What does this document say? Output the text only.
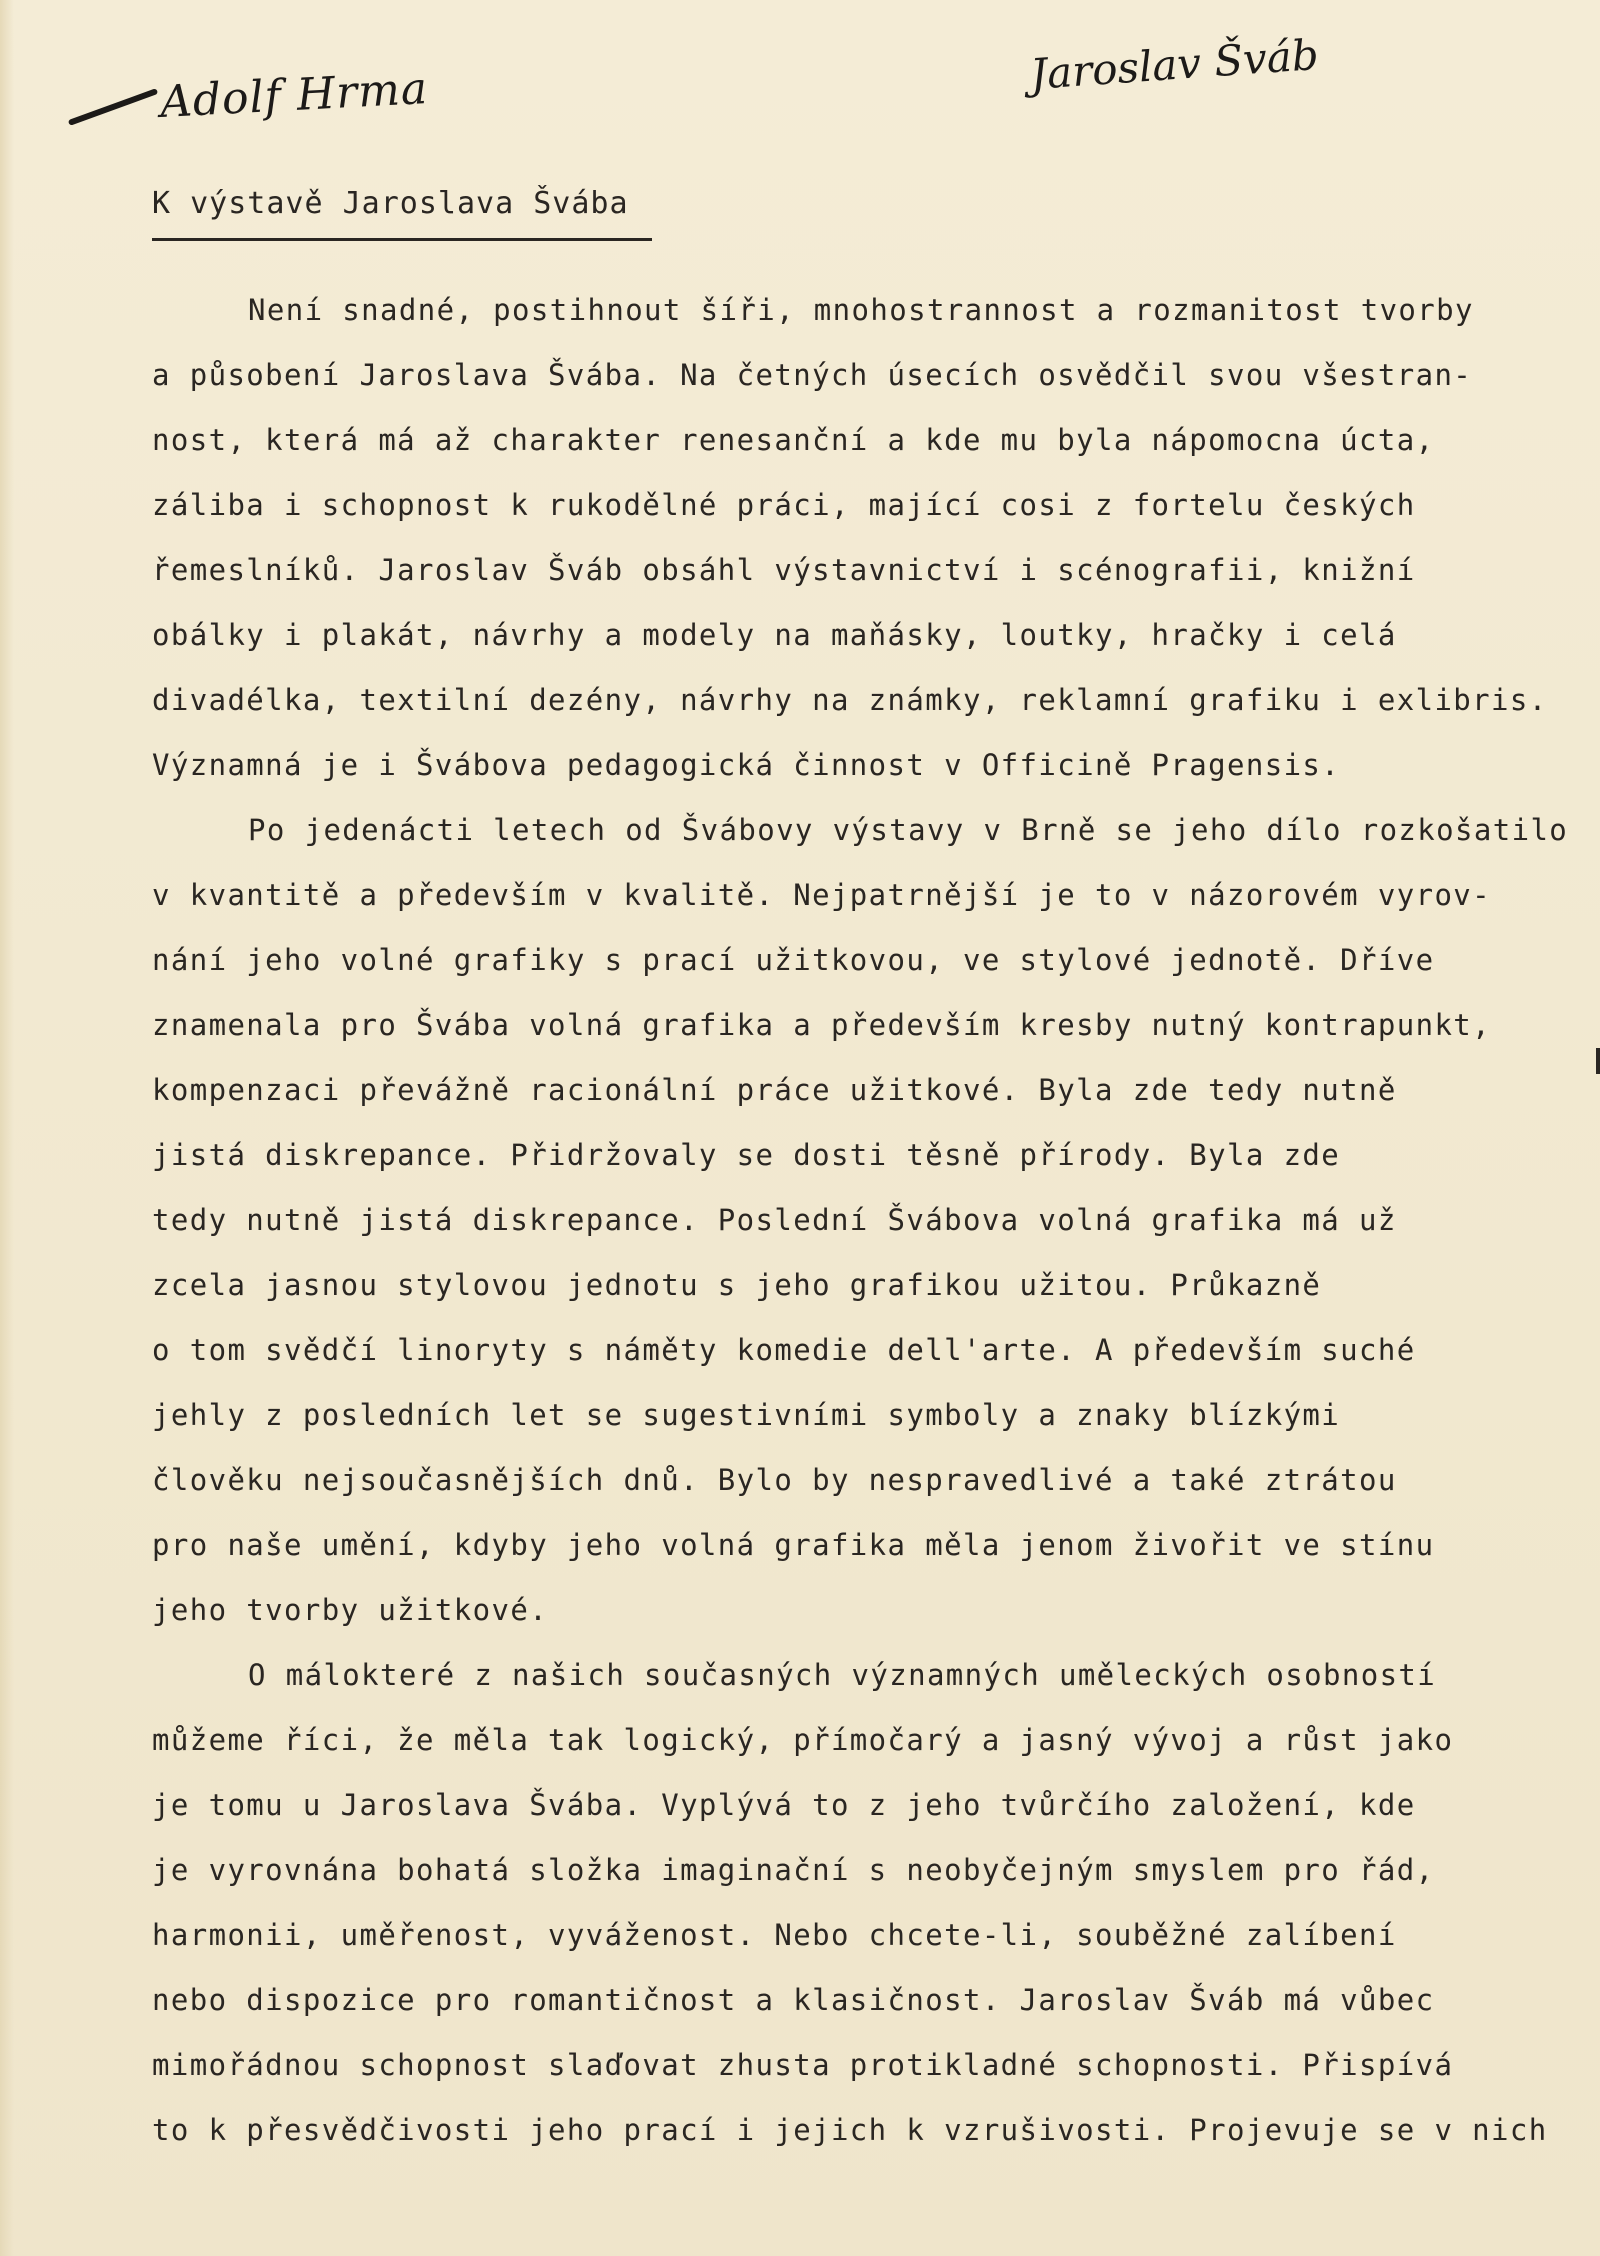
Adolf Hrma	Jaroslav Šváb
K výstavě Jaroslava Švába
Není snadné, postihnout šíři, mnohostrannost a rozmanitost tvorby
a působení Jaroslava Švába. Na četných úsecích osvědčil svou všestran-
nost, která má až charakter renesanční a kde mu byla nápomocna úcta,
záliba i schopnost k rukodělné práci, mající cosi z fortelu českých
řemeslníků. Jaroslav Šváb obsáhl výstavnictví i scénografii, knižní
obálky i plakát, návrhy a modely na maňásky, loutky, hračky i celá
divadélka, textilní dezény, návrhy na známky, reklamní grafiku i exlibris.
Významná je i Švábova pedagogická činnost v Officině Pragensis.
Po jedenácti letech od Švábovy výstavy v Brně se jeho dílo rozkošatilo
v kvantitě a především v kvalitě. Nejpatrnější je to v názorovém vyrov-
nání jeho volné grafiky s prací užitkovou, ve stylové jednotě. Dříve
znamenala pro Švába volná grafika a především kresby nutný kontrapunkt,
kompenzaci převážně racionální práce užitkové. Byla zde tedy nutně
jistá diskrepance. Přidržovaly se dosti těsně přírody. Byla zde
tedy nutně jistá diskrepance. Poslední Švábova volná grafika má už
zcela jasnou stylovou jednotu s jeho grafikou užitou. Průkazně
o tom svědčí linoryty s náměty komedie dell'arte. A především suché
jehly z posledních let se sugestivními symboly a znaky blízkými
člověku nejsoučasnějších dnů. Bylo by nespravedlivé a také ztrátou
pro naše umění, kdyby jeho volná grafika měla jenom živořit ve stínu
jeho tvorby užitkové.
O málokteré z našich současných významných uměleckých osobností
můžeme říci, že měla tak logický, přímočarý a jasný vývoj a růst jako
je tomu u Jaroslava Švába. Vyplývá to z jeho tvůrčího založení, kde
je vyrovnána bohatá složka imaginační s neobyčejným smyslem pro řád,
harmonii, uměřenost, vyváženost. Nebo chcete-li, souběžné zalíbení
nebo dispozice pro romantičnost a klasičnost. Jaroslav Šváb má vůbec
mimořádnou schopnost slaďovat zhusta protikladné schopnosti. Přispívá
to k přesvědčivosti jeho prací i jejich k vzrušivosti. Projevuje se v nich
